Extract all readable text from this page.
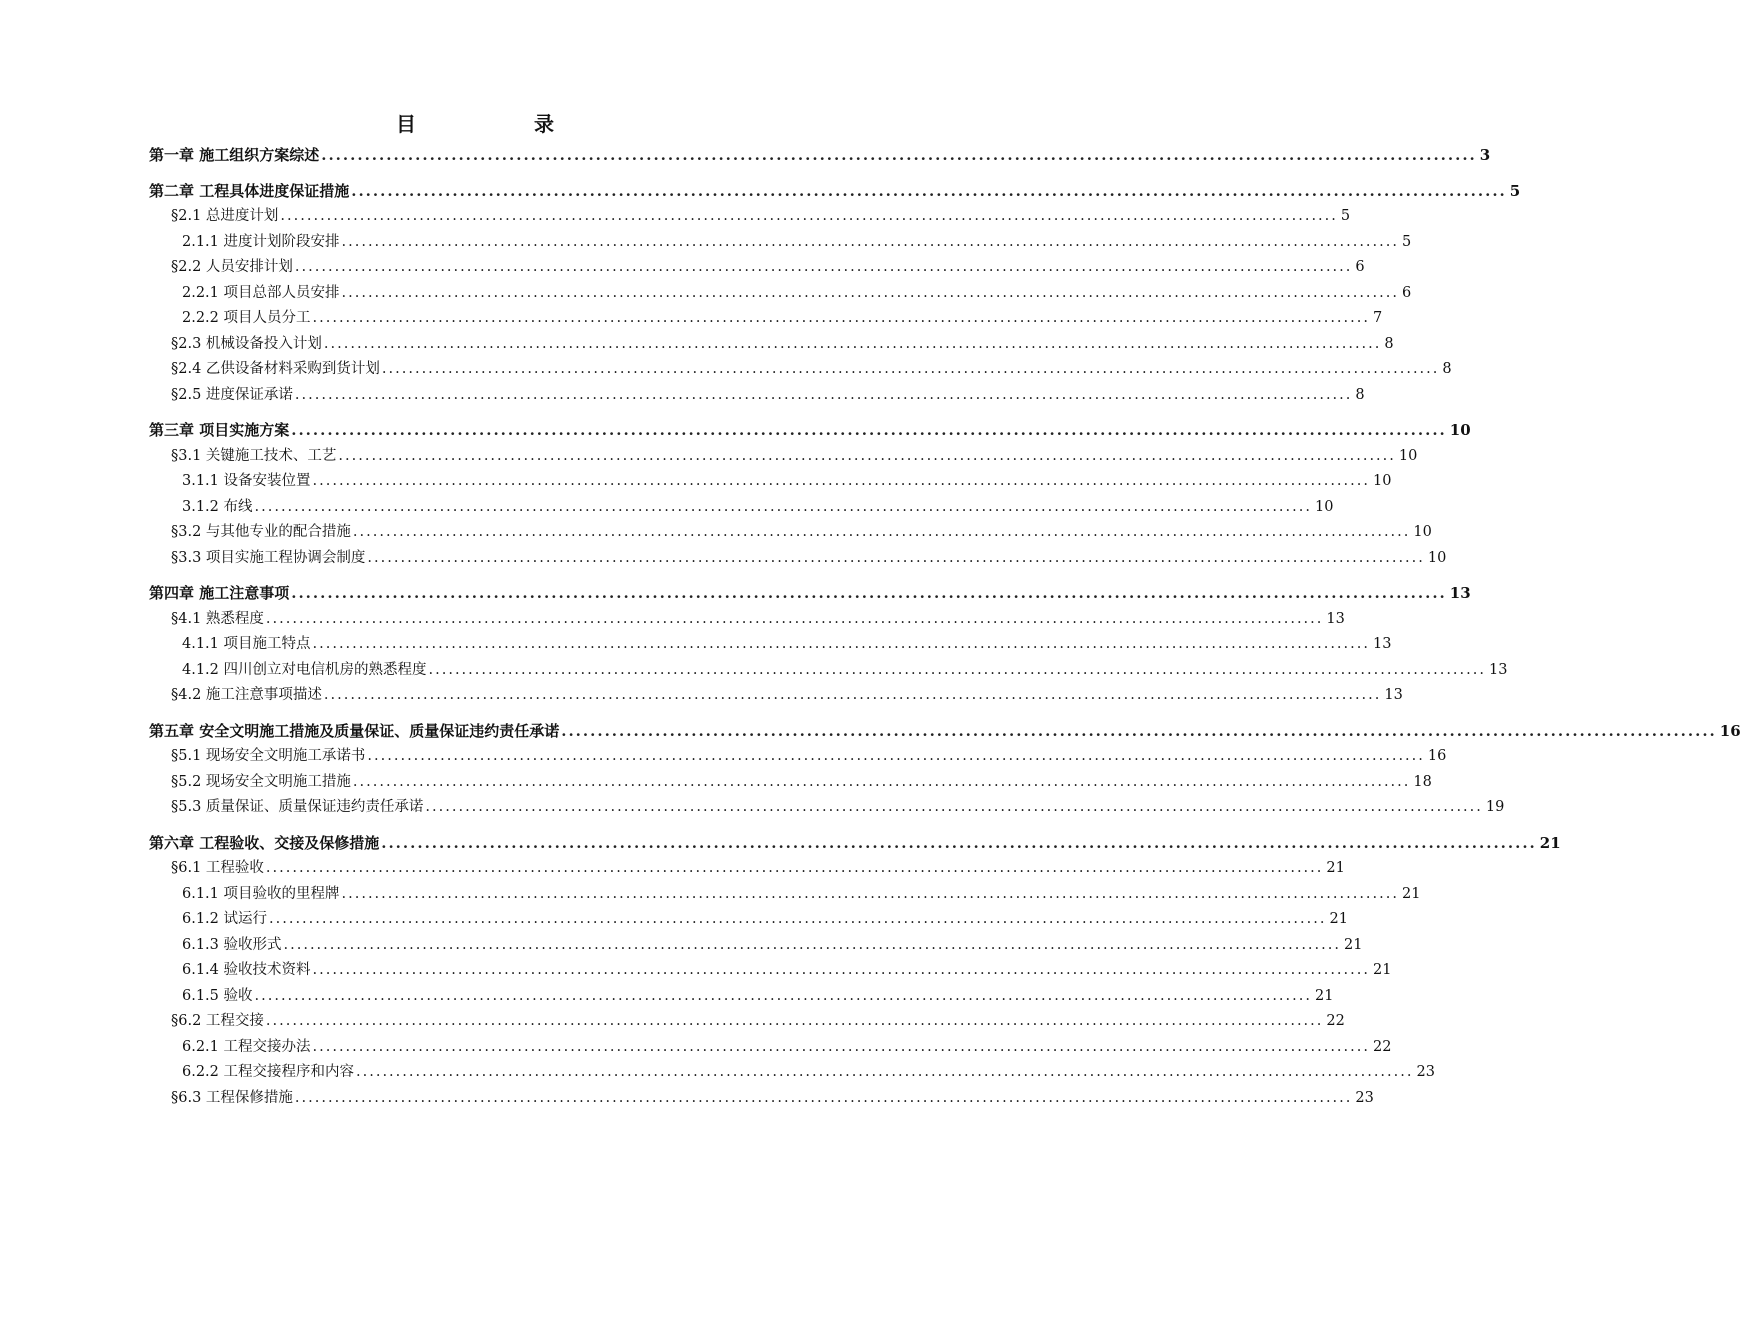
目　　录
第一章 施工组织方案综述 ................................................................................................................................................................ 3
第二章 工程具体进度保证措施 ................................................................................................................................................................ 5
§2.1 总进度计划 ................................................................................................................................................................ 5
2.1.1 进度计划阶段安排 ................................................................................................................................................................ 5
§2.2 人员安排计划 ................................................................................................................................................................ 6
2.2.1 项目总部人员安排 ................................................................................................................................................................ 6
2.2.2 项目人员分工 ................................................................................................................................................................ 7
§2.3 机械设备投入计划 ................................................................................................................................................................ 8
§2.4 乙供设备材料采购到货计划 ................................................................................................................................................................ 8
§2.5 进度保证承诺 ................................................................................................................................................................ 8
第三章 项目实施方案 ................................................................................................................................................................ 10
§3.1 关键施工技术、工艺 ................................................................................................................................................................ 10
3.1.1 设备安装位置 ................................................................................................................................................................ 10
3.1.2 布线 ................................................................................................................................................................ 10
§3.2 与其他专业的配合措施 ................................................................................................................................................................ 10
§3.3 项目实施工程协调会制度 ................................................................................................................................................................ 10
第四章 施工注意事项 ................................................................................................................................................................ 13
§4.1 熟悉程度 ................................................................................................................................................................ 13
4.1.1 项目施工特点 ................................................................................................................................................................ 13
4.1.2 四川创立对电信机房的熟悉程度 ................................................................................................................................................................ 13
§4.2 施工注意事项描述 ................................................................................................................................................................ 13
第五章 安全文明施工措施及质量保证、质量保证违约责任承诺 ................................................................................................................................................................ 16
§5.1 现场安全文明施工承诺书 ................................................................................................................................................................ 16
§5.2 现场安全文明施工措施 ................................................................................................................................................................ 18
§5.3 质量保证、质量保证违约责任承诺 ................................................................................................................................................................ 19
第六章 工程验收、交接及保修措施 ................................................................................................................................................................ 21
§6.1 工程验收 ................................................................................................................................................................ 21
6.1.1 项目验收的里程牌 ................................................................................................................................................................ 21
6.1.2 试运行 ................................................................................................................................................................ 21
6.1.3 验收形式 ................................................................................................................................................................ 21
6.1.4 验收技术资料 ................................................................................................................................................................ 21
6.1.5 验收 ................................................................................................................................................................ 21
§6.2 工程交接 ................................................................................................................................................................ 22
6.2.1 工程交接办法 ................................................................................................................................................................ 22
6.2.2 工程交接程序和内容 ................................................................................................................................................................ 23
§6.3 工程保修措施 ................................................................................................................................................................ 23
